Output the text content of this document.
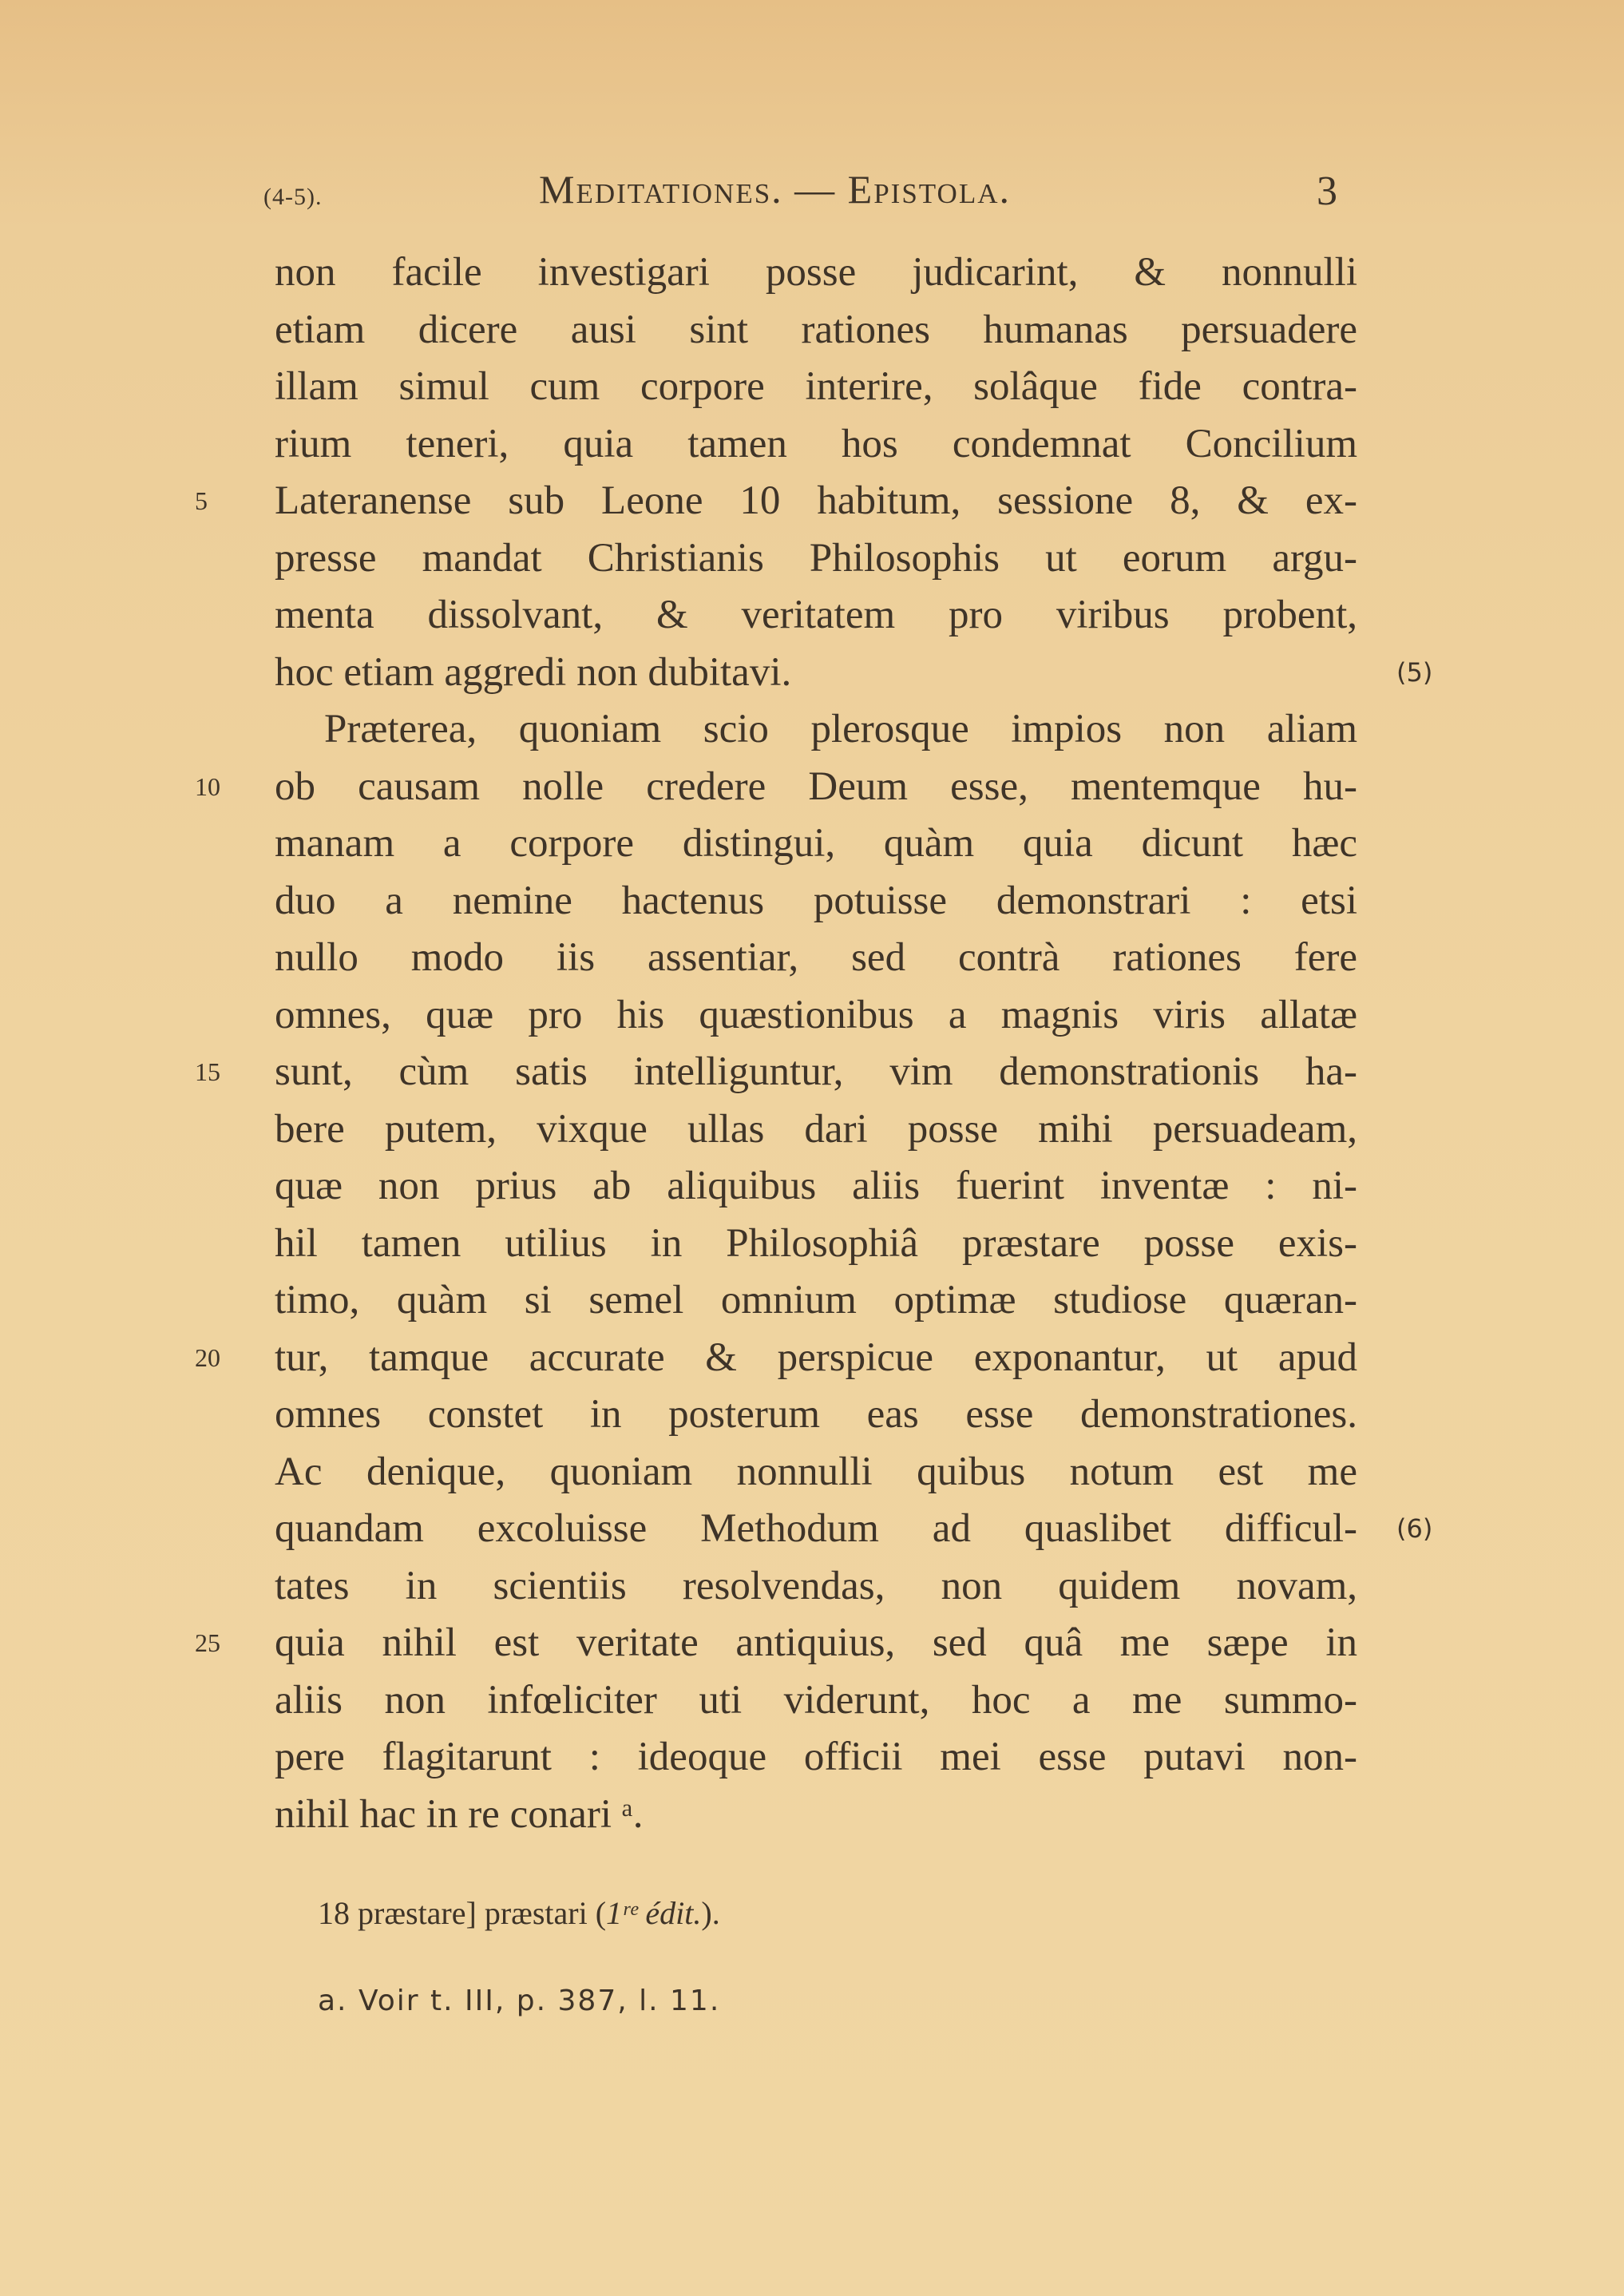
(4-5).	Meditationes. — Epistola.	3
non facile investigari posse judicarint, & nonnulli
etiam dicere ausi sint rationes humanas persuadere
illam simul cum corpore interire, solâque fide contra-
rium teneri, quia tamen hos condemnat Concilium
5	Lateranense sub Leone 10 habitum, sessione 8, & ex-
presse mandat Christianis Philosophis ut eorum argu-
menta dissolvant, & veritatem pro viribus probent,
hoc etiam aggredi non dubitavi.	(5)
Præterea, quoniam scio plerosque impios non aliam
10	ob causam nolle credere Deum esse, mentemque hu-
manam a corpore distingui, quàm quia dicunt hæc
duo a nemine hactenus potuisse demonstrari : etsi
nullo modo iis assentiar, sed contrà rationes fere
omnes, quæ pro his quæstionibus a magnis viris allatæ
15	sunt, cùm satis intelliguntur, vim demonstrationis ha-
bere putem, vixque ullas dari posse mihi persuadeam,
quæ non prius ab aliquibus aliis fuerint inventæ : ni-
hil tamen utilius in Philosophiâ præstare posse exis-
timo, quàm si semel omnium optimæ studiose quæran-
20	tur, tamque accurate & perspicue exponantur, ut apud
omnes constet in posterum eas esse demonstrationes.
Ac denique, quoniam nonnulli quibus notum est me
quandam excoluisse Methodum ad quaslibet difficul- (6)
tates in scientiis resolvendas, non quidem novam,
25	quia nihil est veritate antiquius, sed quâ me sæpe in
aliis non infœliciter uti viderunt, hoc a me summo-
pere flagitarunt : ideoque officii mei esse putavi non-
nihil hac in re conari ᵃ.
18 præstare] præstari (1ʳᵉ édit.).
a. Voir t. III, p. 387, l. 11.
